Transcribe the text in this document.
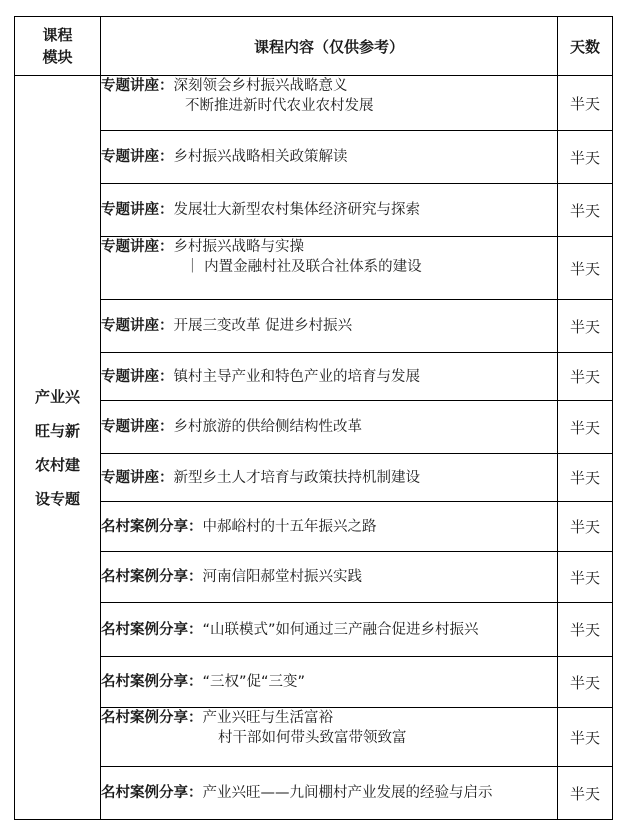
课程
模块	课程内容（仅供参考）	天数

产业兴
旺与新
农村建
设专题	专题讲座：深刻领会乡村振兴战略意义
不断推进新时代农业农村发展	半天
	专题讲座：乡村振兴战略相关政策解读	半天
	专题讲座：发展壮大新型农村集体经济研究与探索	半天
	专题讲座：乡村振兴战略与实操
｜ 内置金融村社及联合社体系的建设	半天
	专题讲座：开展三变改革 促进乡村振兴	半天
	专题讲座：镇村主导产业和特色产业的培育与发展	半天
	专题讲座：乡村旅游的供给侧结构性改革	半天
	专题讲座：新型乡土人才培育与政策扶持机制建设	半天
	名村案例分享：中郝峪村的十五年振兴之路	半天
	名村案例分享：河南信阳郝堂村振兴实践	半天
	名村案例分享：“山联模式”如何通过三产融合促进乡村振兴	半天
	名村案例分享：“三权”促“三变”	半天
	名村案例分享：产业兴旺与生活富裕
村干部如何带头致富带领致富	半天
	名村案例分享：产业兴旺——九间棚村产业发展的经验与启示	半天
